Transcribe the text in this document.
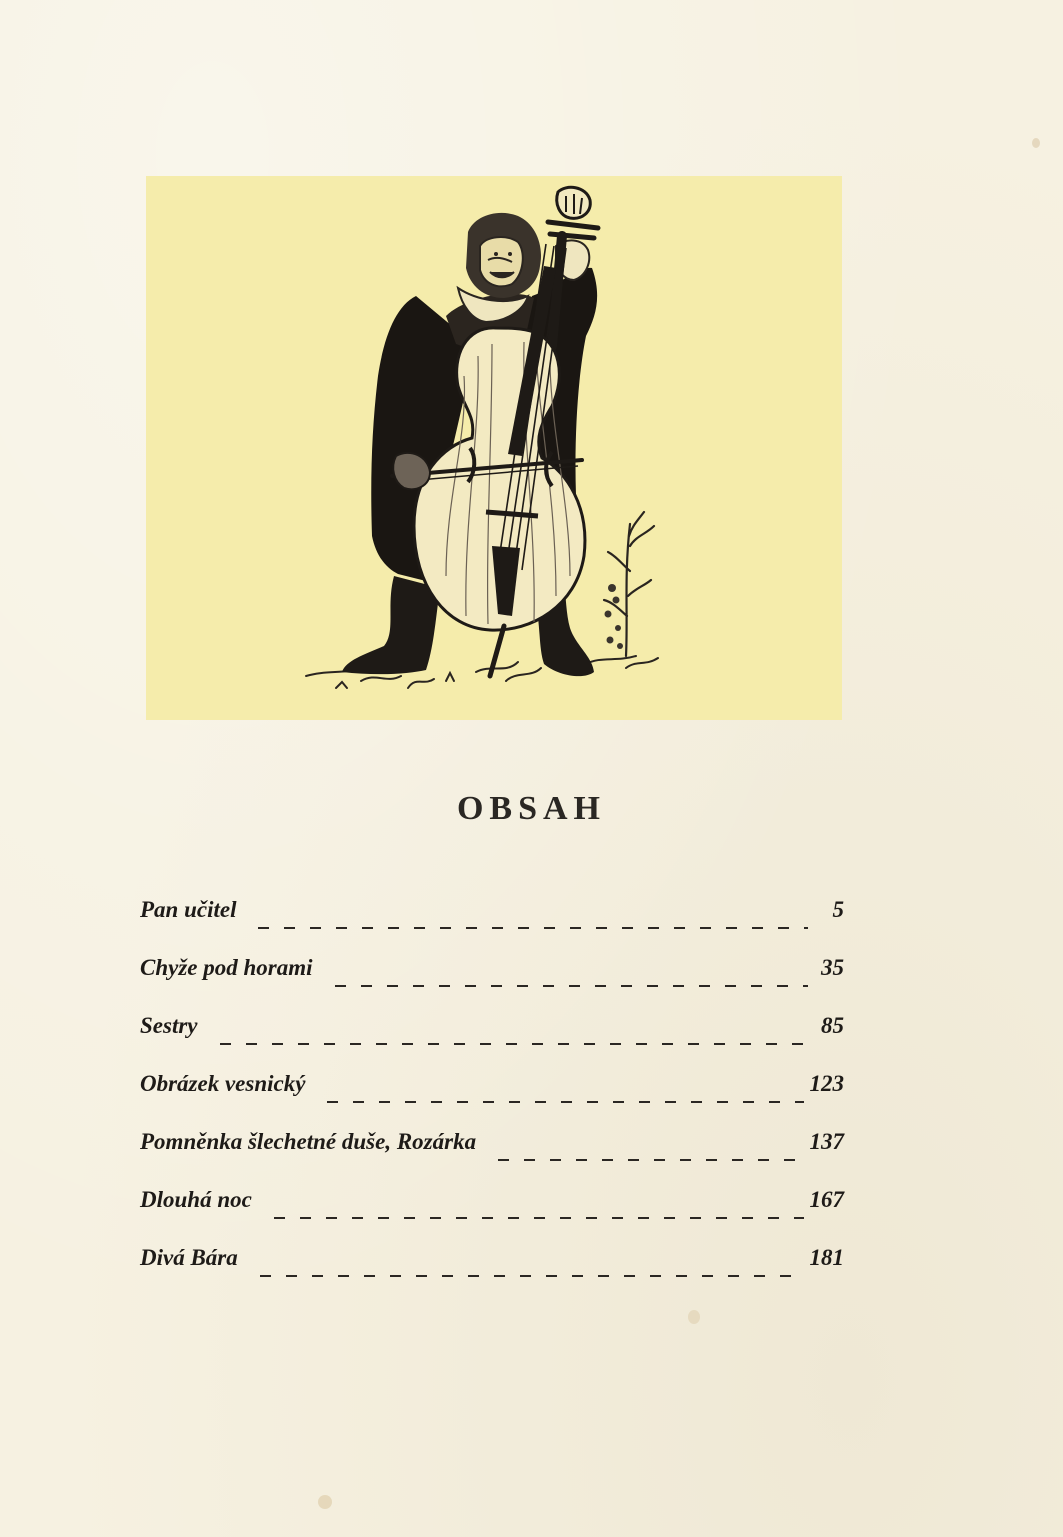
OBSAH
Pan učitel	5
Chyže pod horami	35
Sestry	85
Obrázek vesnický	123
Pomněnka šlechetné duše, Rozárka	137
Dlouhá noc	167
Divá Bára	181
